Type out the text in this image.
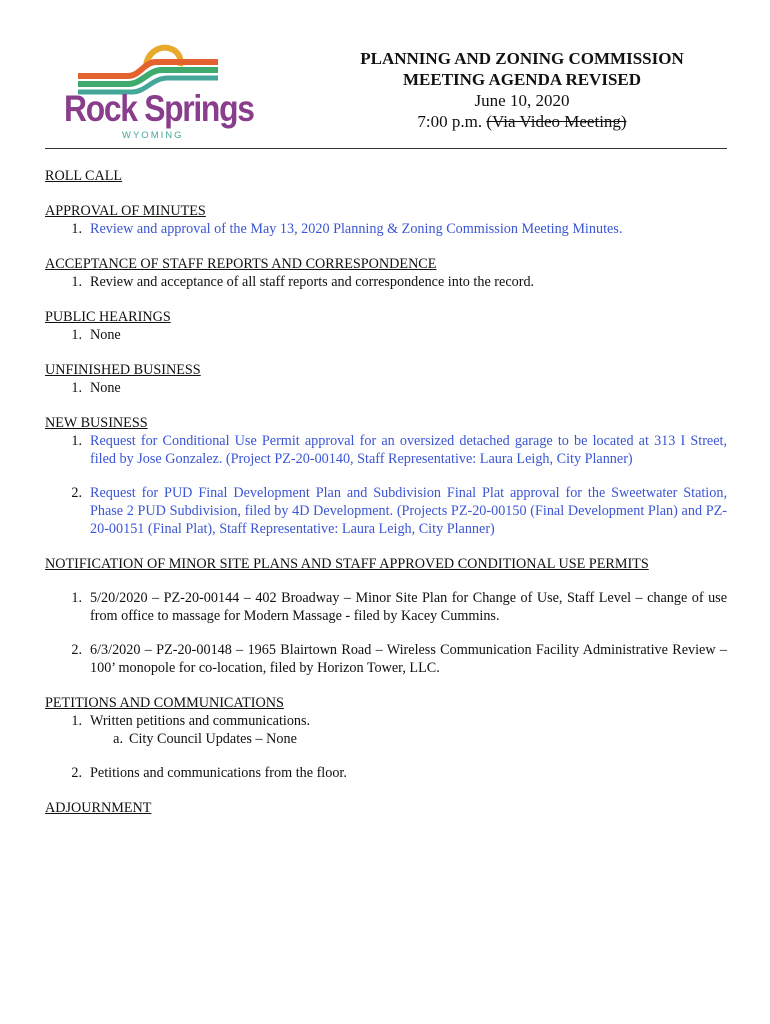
Rock Springs
WYOMING
PLANNING AND ZONING COMMISSION
MEETING AGENDA REVISED
June 10, 2020
7:00 p.m. (Via Video Meeting)
ROLL CALL
APPROVAL OF MINUTES
1. Review and approval of the May 13, 2020 Planning & Zoning Commission Meeting Minutes.
ACCEPTANCE OF STAFF REPORTS AND CORRESPONDENCE
1. Review and acceptance of all staff reports and correspondence into the record.
PUBLIC HEARINGS
1. None
UNFINISHED BUSINESS
1. None
NEW BUSINESS
1. Request for Conditional Use Permit approval for an oversized detached garage to be located at 313 I Street, filed by Jose Gonzalez. (Project PZ-20-00140, Staff Representative: Laura Leigh, City Planner)
2. Request for PUD Final Development Plan and Subdivision Final Plat approval for the Sweetwater Station, Phase 2 PUD Subdivision, filed by 4D Development. (Projects PZ-20-00150 (Final Development Plan) and PZ-20-00151 (Final Plat), Staff Representative: Laura Leigh, City Planner)
NOTIFICATION OF MINOR SITE PLANS AND STAFF APPROVED CONDITIONAL USE PERMITS
1. 5/20/2020 – PZ-20-00144 – 402 Broadway – Minor Site Plan for Change of Use, Staff Level – change of use from office to massage for Modern Massage - filed by Kacey Cummins.
2. 6/3/2020 – PZ-20-00148 – 1965 Blairtown Road – Wireless Communication Facility Administrative Review – 100’ monopole for co-location, filed by Horizon Tower, LLC.
PETITIONS AND COMMUNICATIONS
1. Written petitions and communications.
a. City Council Updates – None
2. Petitions and communications from the floor.
ADJOURNMENT
